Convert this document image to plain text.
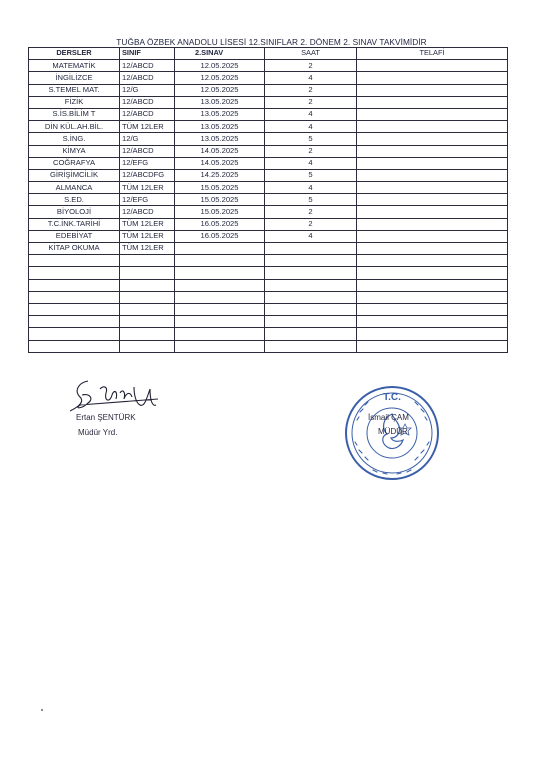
TUĞBA ÖZBEK ANADOLU LİSESİ 12.SINIFLAR 2. DÖNEM 2. SINAV TAKVİMİDİR
DERSLER	SINIF	2.SINAV	SAAT	TELAFİ
MATEMATİK	12/ABCD	12.05.2025	2	
İNGİLİZCE	12/ABCD	12.05.2025	4	
S.TEMEL MAT.	12/G	12.05.2025	2	
FİZİK	12/ABCD	13.05.2025	2	
S.İS.BİLİM T	12/ABCD	13.05.2025	4	
DİN KÜL.AH.BİL.	TÜM 12LER	13.05.2025	4	
S.İNG.	12/G	13.05.2025	5	
KİMYA	12/ABCD	14.05.2025	2	
COĞRAFYA	12/EFG	14.05.2025	4	
GİRİŞİMCİLİK	12/ABCDFG	14.25.2025	5	
ALMANCA	TÜM 12LER	15.05.2025	4	
S.ED.	12/EFG	15.05.2025	5	
BİYOLOJİ	12/ABCD	15.05.2025	2	
T.C.İNK.TARİHİ	TÜM 12LER	16.05.2025	2	
EDEBİYAT	TÜM 12LER	16.05.2025	4	
KİTAP OKUMA	TÜM 12LER			

Ertan ŞENTÜRK
Müdür Yrd.
T.C.
İsmail ÇAM
MÜDÜR
